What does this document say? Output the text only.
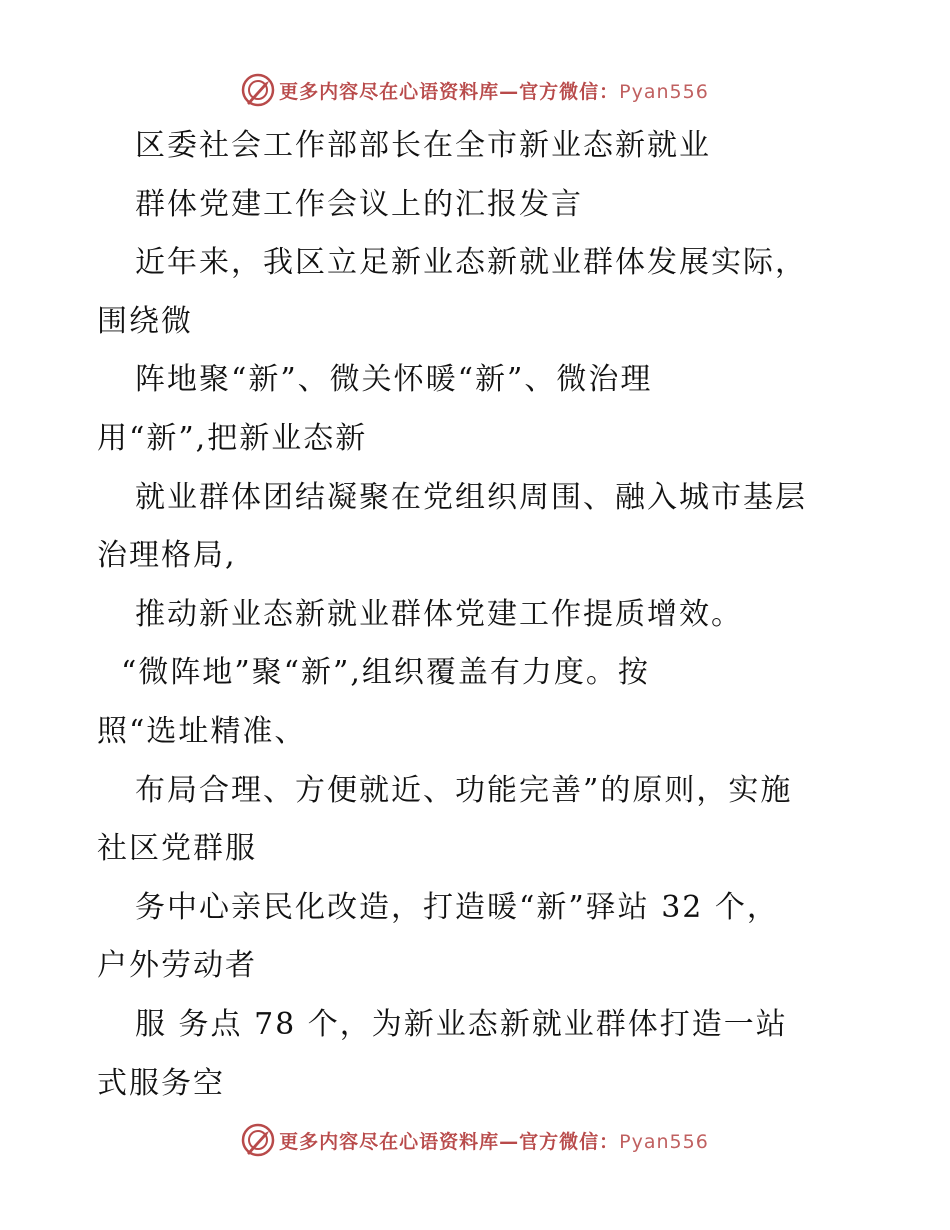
更多内容尽在心语资料库—官方微信：Pyan556
区委社会工作部部长在全市新业态新就业
群体党建工作会议上的汇报发言
近年来，我区立足新业态新就业群体发展实际，
围绕微
阵地聚“新”、微关怀暖“新”、微治理
用“新”,把新业态新
就业群体团结凝聚在党组织周围、融入城市基层
治理格局,
推动新业态新就业群体党建工作提质增效。
“微阵地”聚“新”,组织覆盖有力度。按
照“选址精准、
布局合理、方便就近、功能完善”的原则，实施
社区党群服
务中心亲民化改造，打造暖“新”驿站 32 个，
户外劳动者
服 务点 78 个，为新业态新就业群体打造一站
式服务空
更多内容尽在心语资料库—官方微信：Pyan556
